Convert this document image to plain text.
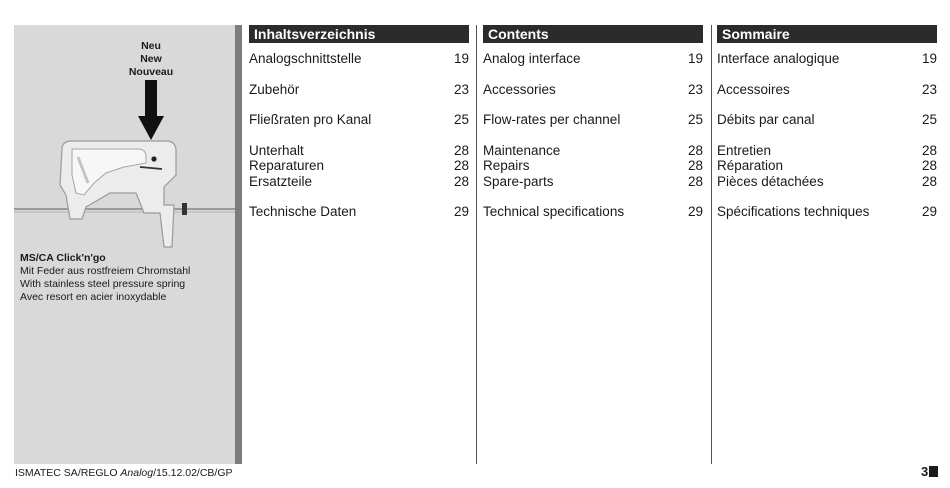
Neu
New
Nouveau
MS/CA Click'n'go
Mit Feder aus rostfreiem Chromstahl
With stainless steel pressure spring
Avec resort en acier inoxydable
Inhaltsverzeichnis
Analogschnittstelle	19
Zubehör	23
Fließraten pro Kanal	25
Unterhalt	28
Reparaturen	28
Ersatzteile	28
Technische Daten	29
Contents
Analog interface	19
Accessories	23
Flow-rates per channel	25
Maintenance	28
Repairs	28
Spare-parts	28
Technical specifications	29
Sommaire
Interface analogique	19
Accessoires	23
Débits par canal	25
Entretien	28
Réparation	28
Pièces détachées	28
Spécifications techniques	29
ISMATEC SA/REGLO Analog/15.12.02/CB/GP	3
